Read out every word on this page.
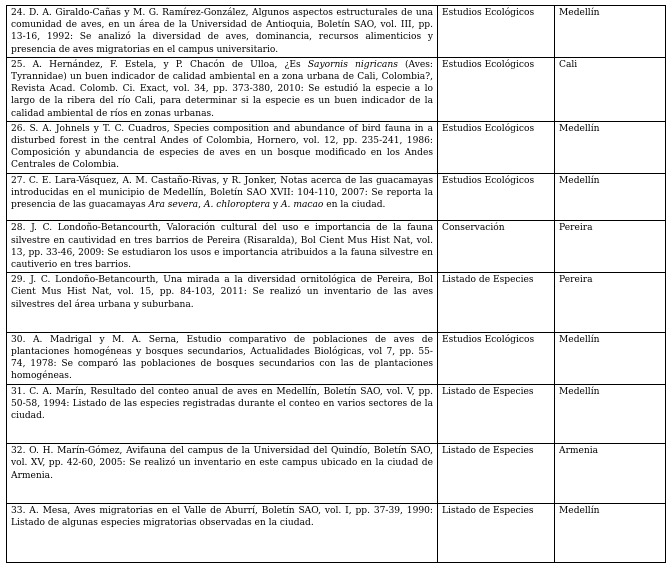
24. D. A. Giraldo-Cañas y M. G. Ramírez-González, Algunos aspectos estructurales de una comunidad de aves, en un área de la Universidad de Antioquia, Boletín SAO, vol. III, pp. 13-16, 1992: Se analizó la diversidad de aves, dominancia, recursos alimenticios y presencia de aves migratorias en el campus universitario.	Estudios Ecológicos	Medellín
25. A. Hernández, F. Estela, y P. Chacón de Ulloa, ¿Es Sayornis nigricans (Aves: Tyrannidae) un buen indicador de calidad ambiental en a zona urbana de Cali, Colombia?, Revista Acad. Colomb. Ci. Exact, vol. 34, pp. 373-380, 2010: Se estudió la especie a lo largo de la ribera del río Cali, para determinar si la especie es un buen indicador de la calidad ambiental de ríos en zonas urbanas.	Estudios Ecológicos	Cali
26. S. A. Johnels y T. C. Cuadros, Species composition and abundance of bird fauna in a disturbed forest in the central Andes of Colombia, Hornero, vol. 12, pp. 235-241, 1986: Composición y abundancia de especies de aves en un bosque modificado en los Andes Centrales de Colombia.	Estudios Ecológicos	Medellín
27. C. E. Lara-Vásquez, A. M. Castaño-Rivas, y R. Jonker, Notas acerca de las guacamayas introducidas en el municipio de Medellín, Boletín SAO XVII: 104-110, 2007: Se reporta la presencia de las guacamayas Ara severa, A. chloroptera y A. macao en la ciudad.	Estudios Ecológicos	Medellín
28. J. C. Londoño-Betancourth, Valoración cultural del uso e importancia de la fauna silvestre en cautividad en tres barrios de Pereira (Risaralda), Bol Cient Mus Hist Nat, vol. 13, pp. 33-46, 2009: Se estudiaron los usos e importancia atribuidos a la fauna silvestre en cautiverio en tres barrios.	Conservación	Pereira
29. J. C. Londoño-Betancourth, Una mirada a la diversidad ornitológica de Pereira, Bol Cient Mus Hist Nat, vol. 15, pp. 84-103, 2011: Se realizó un inventario de las aves silvestres del área urbana y suburbana.	Listado de Especies	Pereira
30. A. Madrigal y M. A. Serna, Estudio comparativo de poblaciones de aves de plantaciones homogéneas y bosques secundarios, Actualidades Biológicas, vol 7, pp. 55-74, 1978: Se comparó las poblaciones de bosques secundarios con las de plantaciones homogéneas.	Estudios Ecológicos	Medellín
31. C. A. Marín, Resultado del conteo anual de aves en Medellín, Boletín SAO, vol. V, pp. 50-58, 1994: Listado de las especies registradas durante el conteo en varios sectores de la ciudad.	Listado de Especies	Medellín
32. O. H. Marín-Gómez, Avifauna del campus de la Universidad del Quindío, Boletín SAO, vol. XV, pp. 42-60, 2005: Se realizó un inventario en este campus ubicado en la ciudad de Armenia.	Listado de Especies	Armenia
33. A. Mesa, Aves migratorias en el Valle de Aburrí, Boletín SAO, vol. I, pp. 37-39, 1990: Listado de algunas especies migratorias observadas en la ciudad.	Listado de Especies	Medellín
